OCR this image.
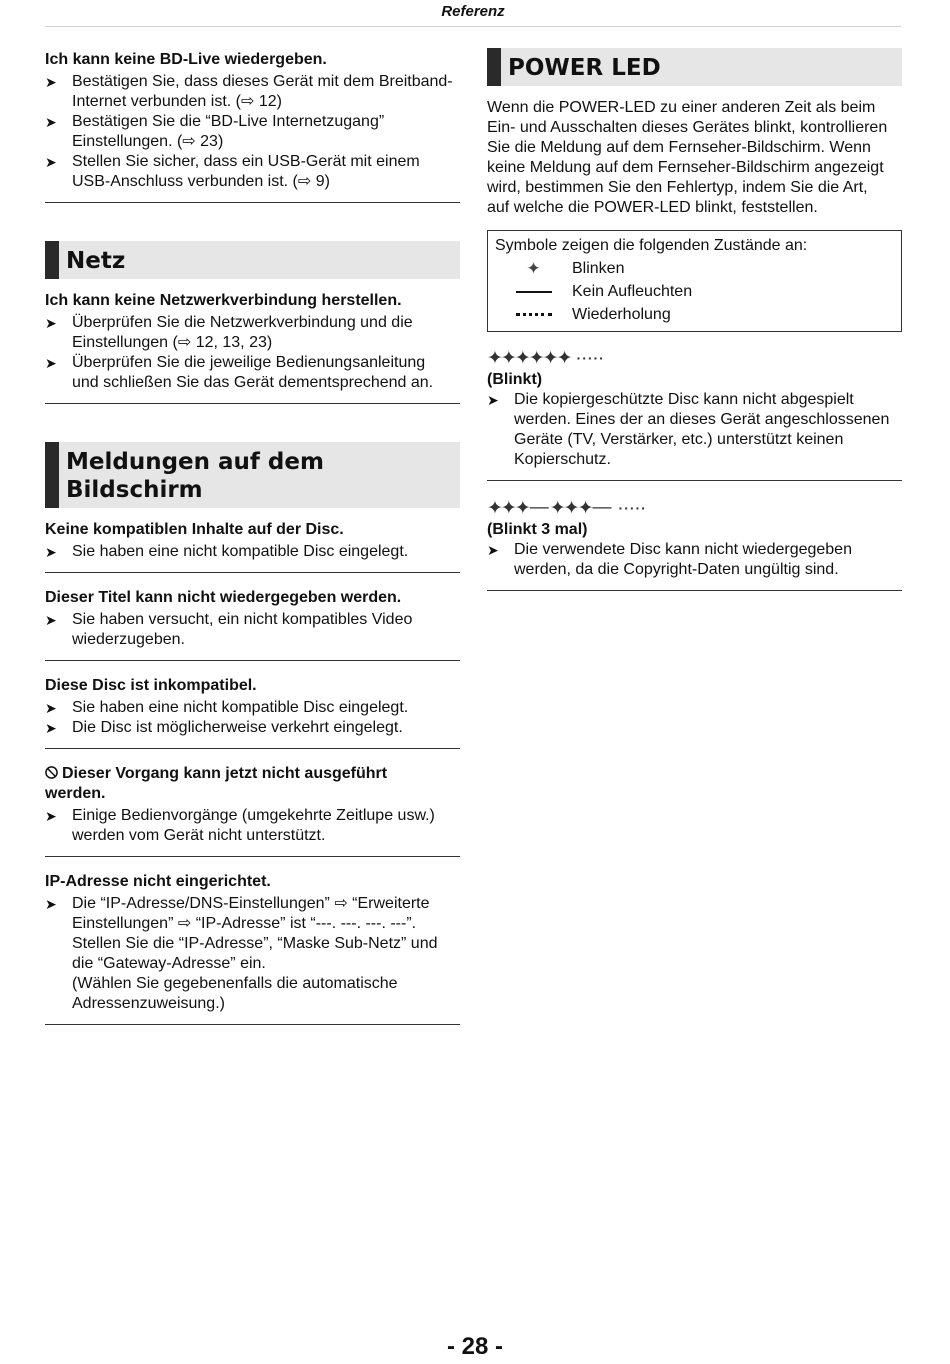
Referenz
Ich kann keine BD-Live wiedergeben.
➤ Bestätigen Sie, dass dieses Gerät mit dem Breitband-
Internet verbunden ist. (⇨ 12)
➤ Bestätigen Sie die “BD-Live Internetzugang”
Einstellungen. (⇨ 23)
➤ Stellen Sie sicher, dass ein USB-Gerät mit einem
USB-Anschluss verbunden ist. (⇨ 9)
Netz
Ich kann keine Netzwerkverbindung herstellen.
➤ Überprüfen Sie die Netzwerkverbindung und die
Einstellungen (⇨ 12, 13, 23)
➤ Überprüfen Sie die jeweilige Bedienungsanleitung
und schließen Sie das Gerät dementsprechend an.
Meldungen auf dem
Bildschirm
Keine kompatiblen Inhalte auf der Disc.
➤ Sie haben eine nicht kompatible Disc eingelegt.
Dieser Titel kann nicht wiedergegeben werden.
➤ Sie haben versucht, ein nicht kompatibles Video
wiederzugeben.
Diese Disc ist inkompatibel.
➤ Sie haben eine nicht kompatible Disc eingelegt.
➤ Die Disc ist möglicherweise verkehrt eingelegt.
Dieser Vorgang kann jetzt nicht ausgeführt
werden.
➤ Einige Bedienvorgänge (umgekehrte Zeitlupe usw.)
werden vom Gerät nicht unterstützt.
IP-Adresse nicht eingerichtet.
➤ Die “IP-Adresse/DNS-Einstellungen” ⇨ “Erweiterte
Einstellungen” ⇨ “IP-Adresse” ist “---. ---. ---. ---”.
Stellen Sie die “IP-Adresse”, “Maske Sub-Netz” und
die “Gateway-Adresse” ein.
(Wählen Sie gegebenenfalls die automatische
Adressenzuweisung.)
POWER LED
Wenn die POWER-LED zu einer anderen Zeit als beim
Ein- und Ausschalten dieses Gerätes blinkt, kontrollieren
Sie die Meldung auf dem Fernseher-Bildschirm. Wenn
keine Meldung auf dem Fernseher-Bildschirm angezeigt
wird, bestimmen Sie den Fehlertyp, indem Sie die Art,
auf welche die POWER-LED blinkt, feststellen.
Symbole zeigen die folgenden Zustände an:
✦ Blinken
Kein Aufleuchten
Wiederholung
✦✦✦✦✦✦ ·····
(Blinkt)
➤ Die kopiergeschützte Disc kann nicht abgespielt
werden. Eines der an dieses Gerät angeschlossenen
Geräte (TV, Verstärker, etc.) unterstützt keinen
Kopierschutz.
✦✦✦ — ✦✦✦ — ·····
(Blinkt 3 mal)
➤ Die verwendete Disc kann nicht wiedergegeben
werden, da die Copyright-Daten ungültig sind.
- 28 -
